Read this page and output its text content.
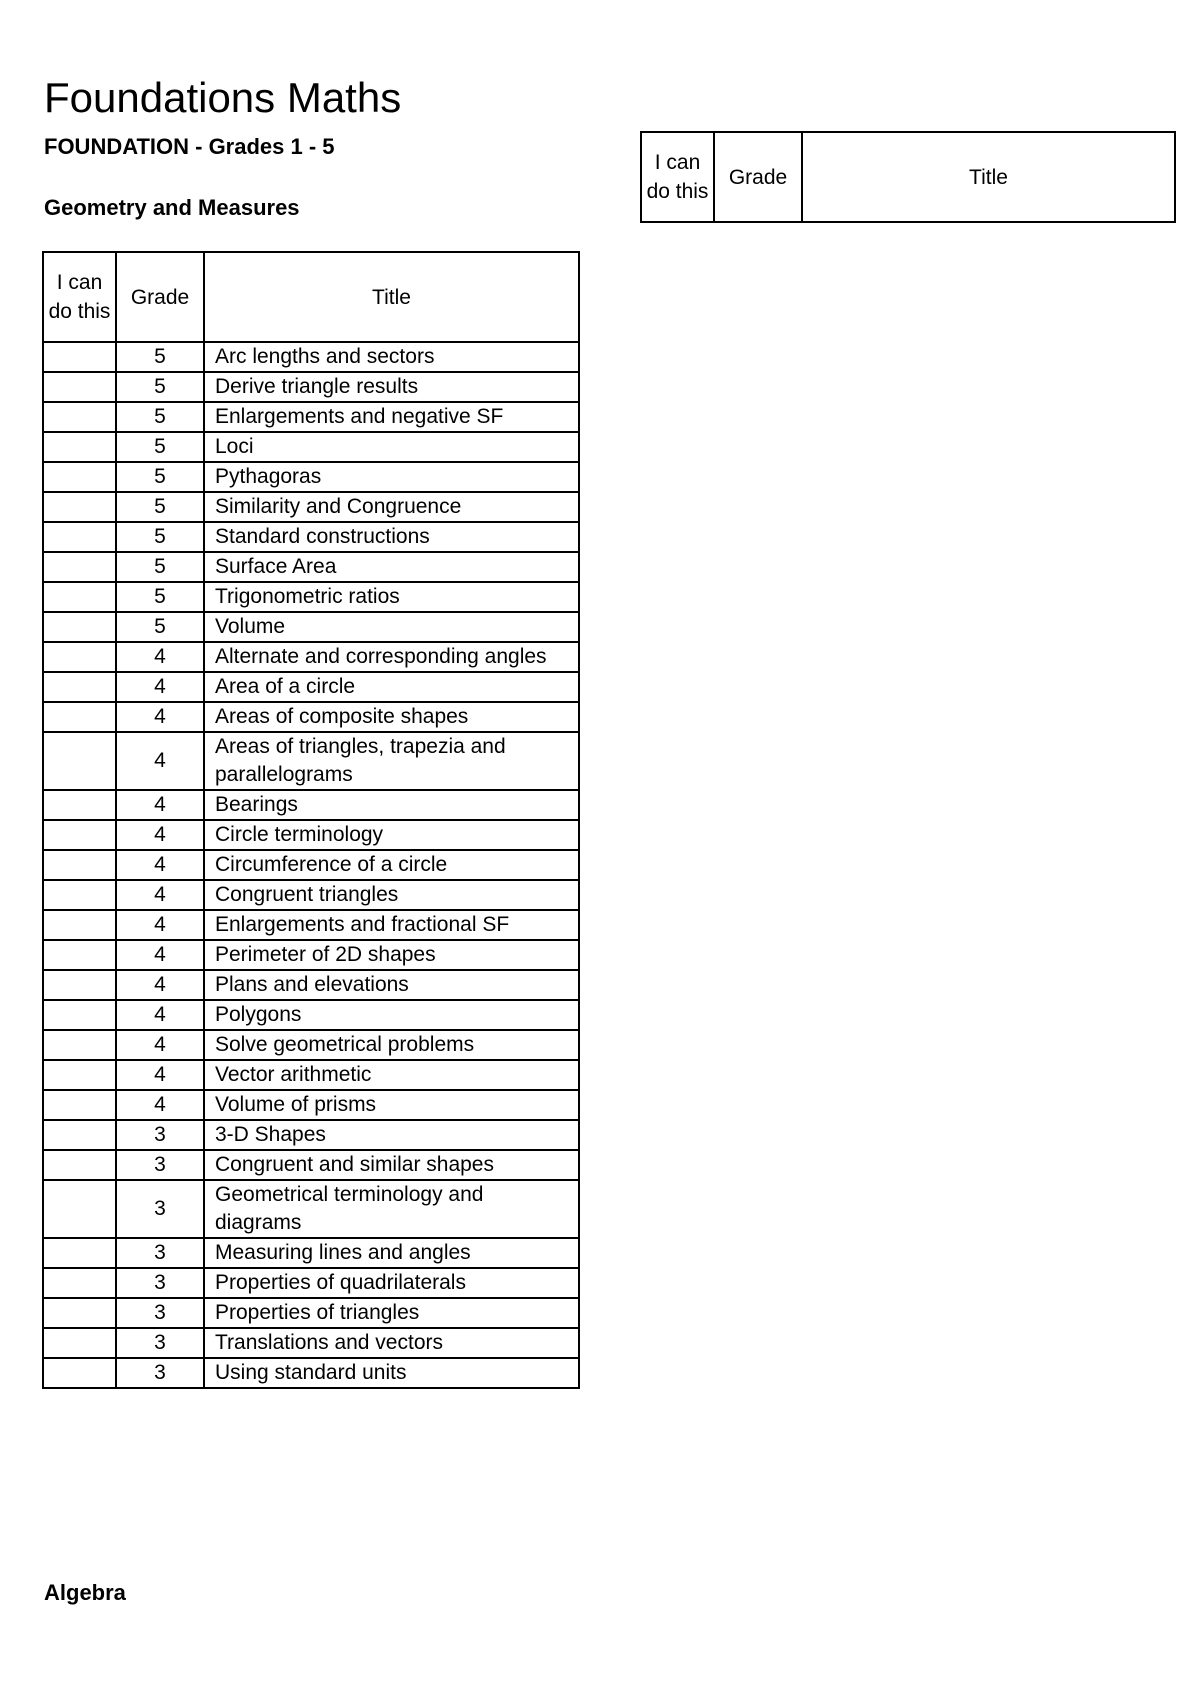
Foundations Maths

FOUNDATION - Grades 1 - 5

Geometry and Measures

I can do this	Grade	Title
	5	Arc lengths and sectors
	5	Derive triangle results
	5	Enlargements and negative SF
	5	Loci
	5	Pythagoras
	5	Similarity and Congruence
	5	Standard constructions
	5	Surface Area
	5	Trigonometric ratios
	5	Volume
	4	Alternate and corresponding angles
	4	Area of a circle
	4	Areas of composite shapes
	4	Areas of triangles, trapezia and parallelograms
	4	Bearings
	4	Circle terminology
	4	Circumference of a circle
	4	Congruent triangles
	4	Enlargements and fractional SF
	4	Perimeter of 2D shapes
	4	Plans and elevations
	4	Polygons
	4	Solve geometrical problems
	4	Vector arithmetic
	4	Volume of prisms
	3	3-D Shapes
	3	Congruent and similar shapes
	3	Geometrical terminology and diagrams
	3	Measuring lines and angles
	3	Properties of quadrilaterals
	3	Properties of triangles
	3	Translations and vectors
	3	Using standard units
I can do this	Grade	Title

Algebra
